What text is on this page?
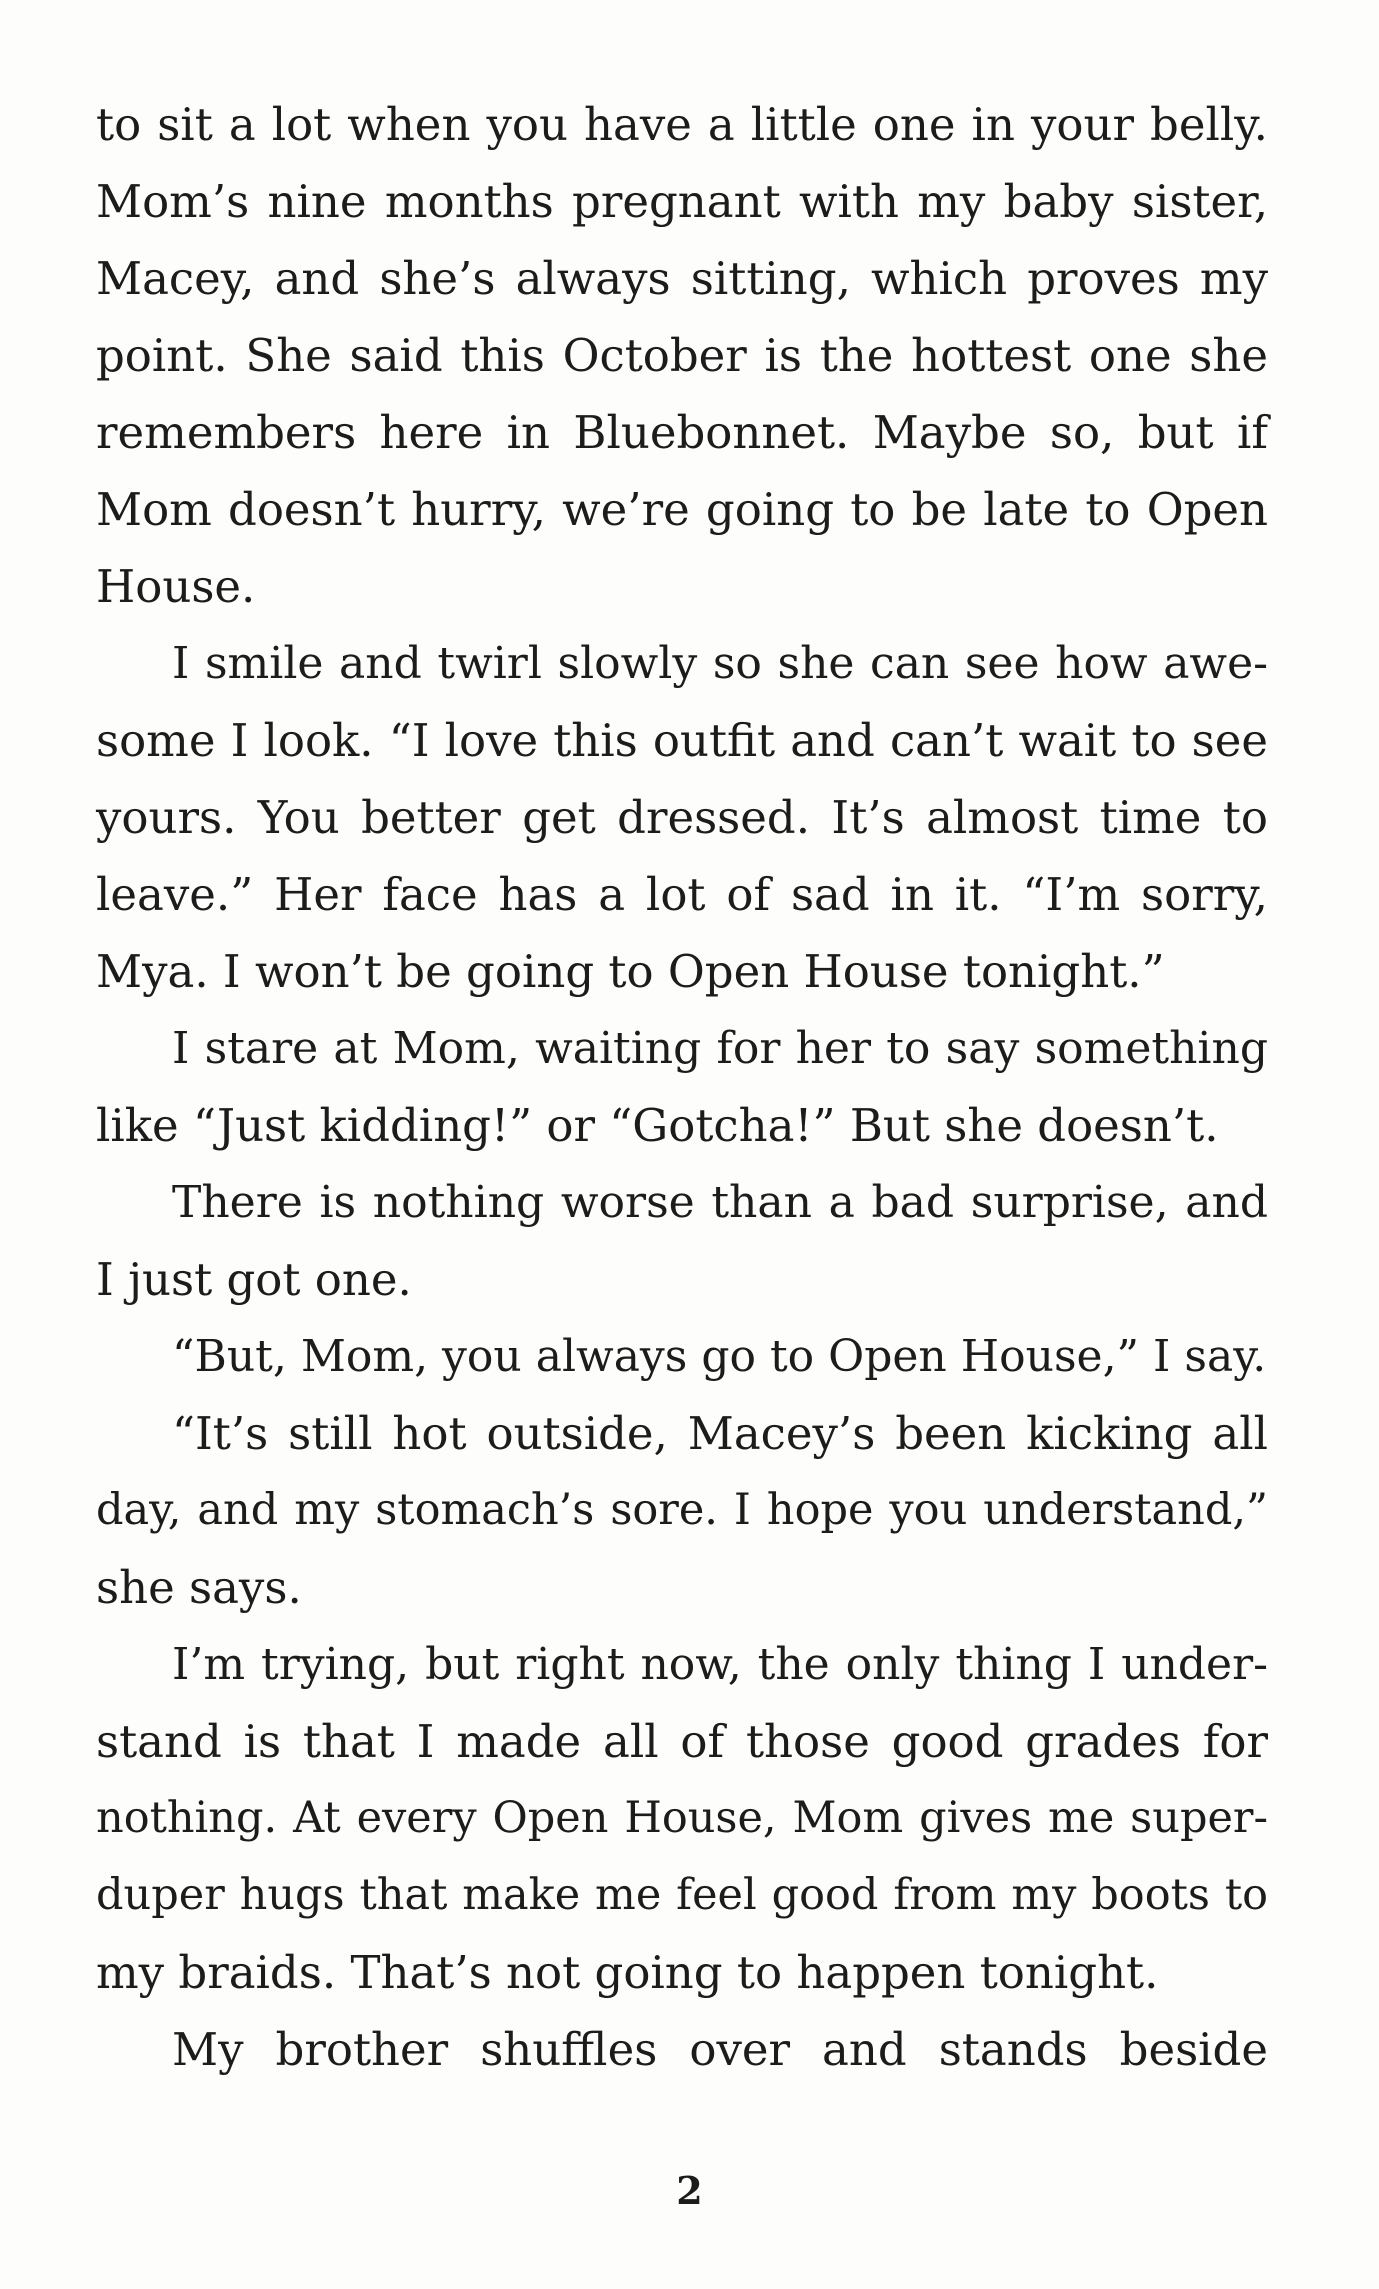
to sit a lot when you have a little one in your belly.
Mom’s nine months pregnant with my baby sister,
Macey, and she’s always sitting, which proves my
point. She said this October is the hottest one she
remembers here in Bluebonnet. Maybe so, but if
Mom doesn’t hurry, we’re going to be late to Open
House.
I smile and twirl slowly so she can see how awe-
some I look. “I love this outfit and can’t wait to see
yours. You better get dressed. It’s almost time to
leave.” Her face has a lot of sad in it. “I’m sorry,
Mya. I won’t be going to Open House tonight.”
I stare at Mom, waiting for her to say something
like “Just kidding!” or “Gotcha!” But she doesn’t.
There is nothing worse than a bad surprise, and
I just got one.
“But, Mom, you always go to Open House,” I say.
“It’s still hot outside, Macey’s been kicking all
day, and my stomach’s sore. I hope you understand,”
she says.
I’m trying, but right now, the only thing I under-
stand is that I made all of those good grades for
nothing. At every Open House, Mom gives me super-
duper hugs that make me feel good from my boots to
my braids. That’s not going to happen tonight.
My brother shuffles over and stands beside
2
